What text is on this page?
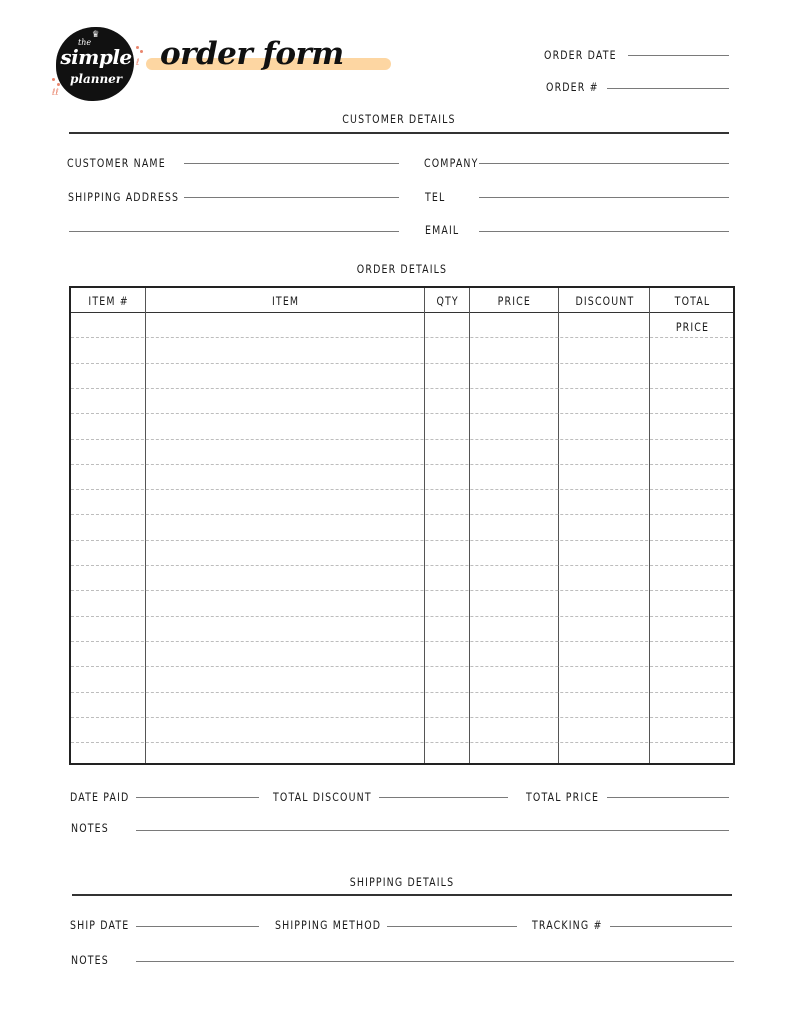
the
simple
planner
♛
ℓℓ
ℓ order form	ORDER DATE
ORDER #
CUSTOMER DETAILS
CUSTOMER NAME	COMPANY
SHIPPING ADDRESS	TEL
EMAIL
ORDER DETAILS
ITEM #	ITEM	QTY	PRICE	DISCOUNT	TOTAL PRICE
DATE PAID	TOTAL DISCOUNT	TOTAL PRICE
NOTES
SHIPPING DETAILS
SHIP DATE	SHIPPING METHOD	TRACKING #
NOTES
